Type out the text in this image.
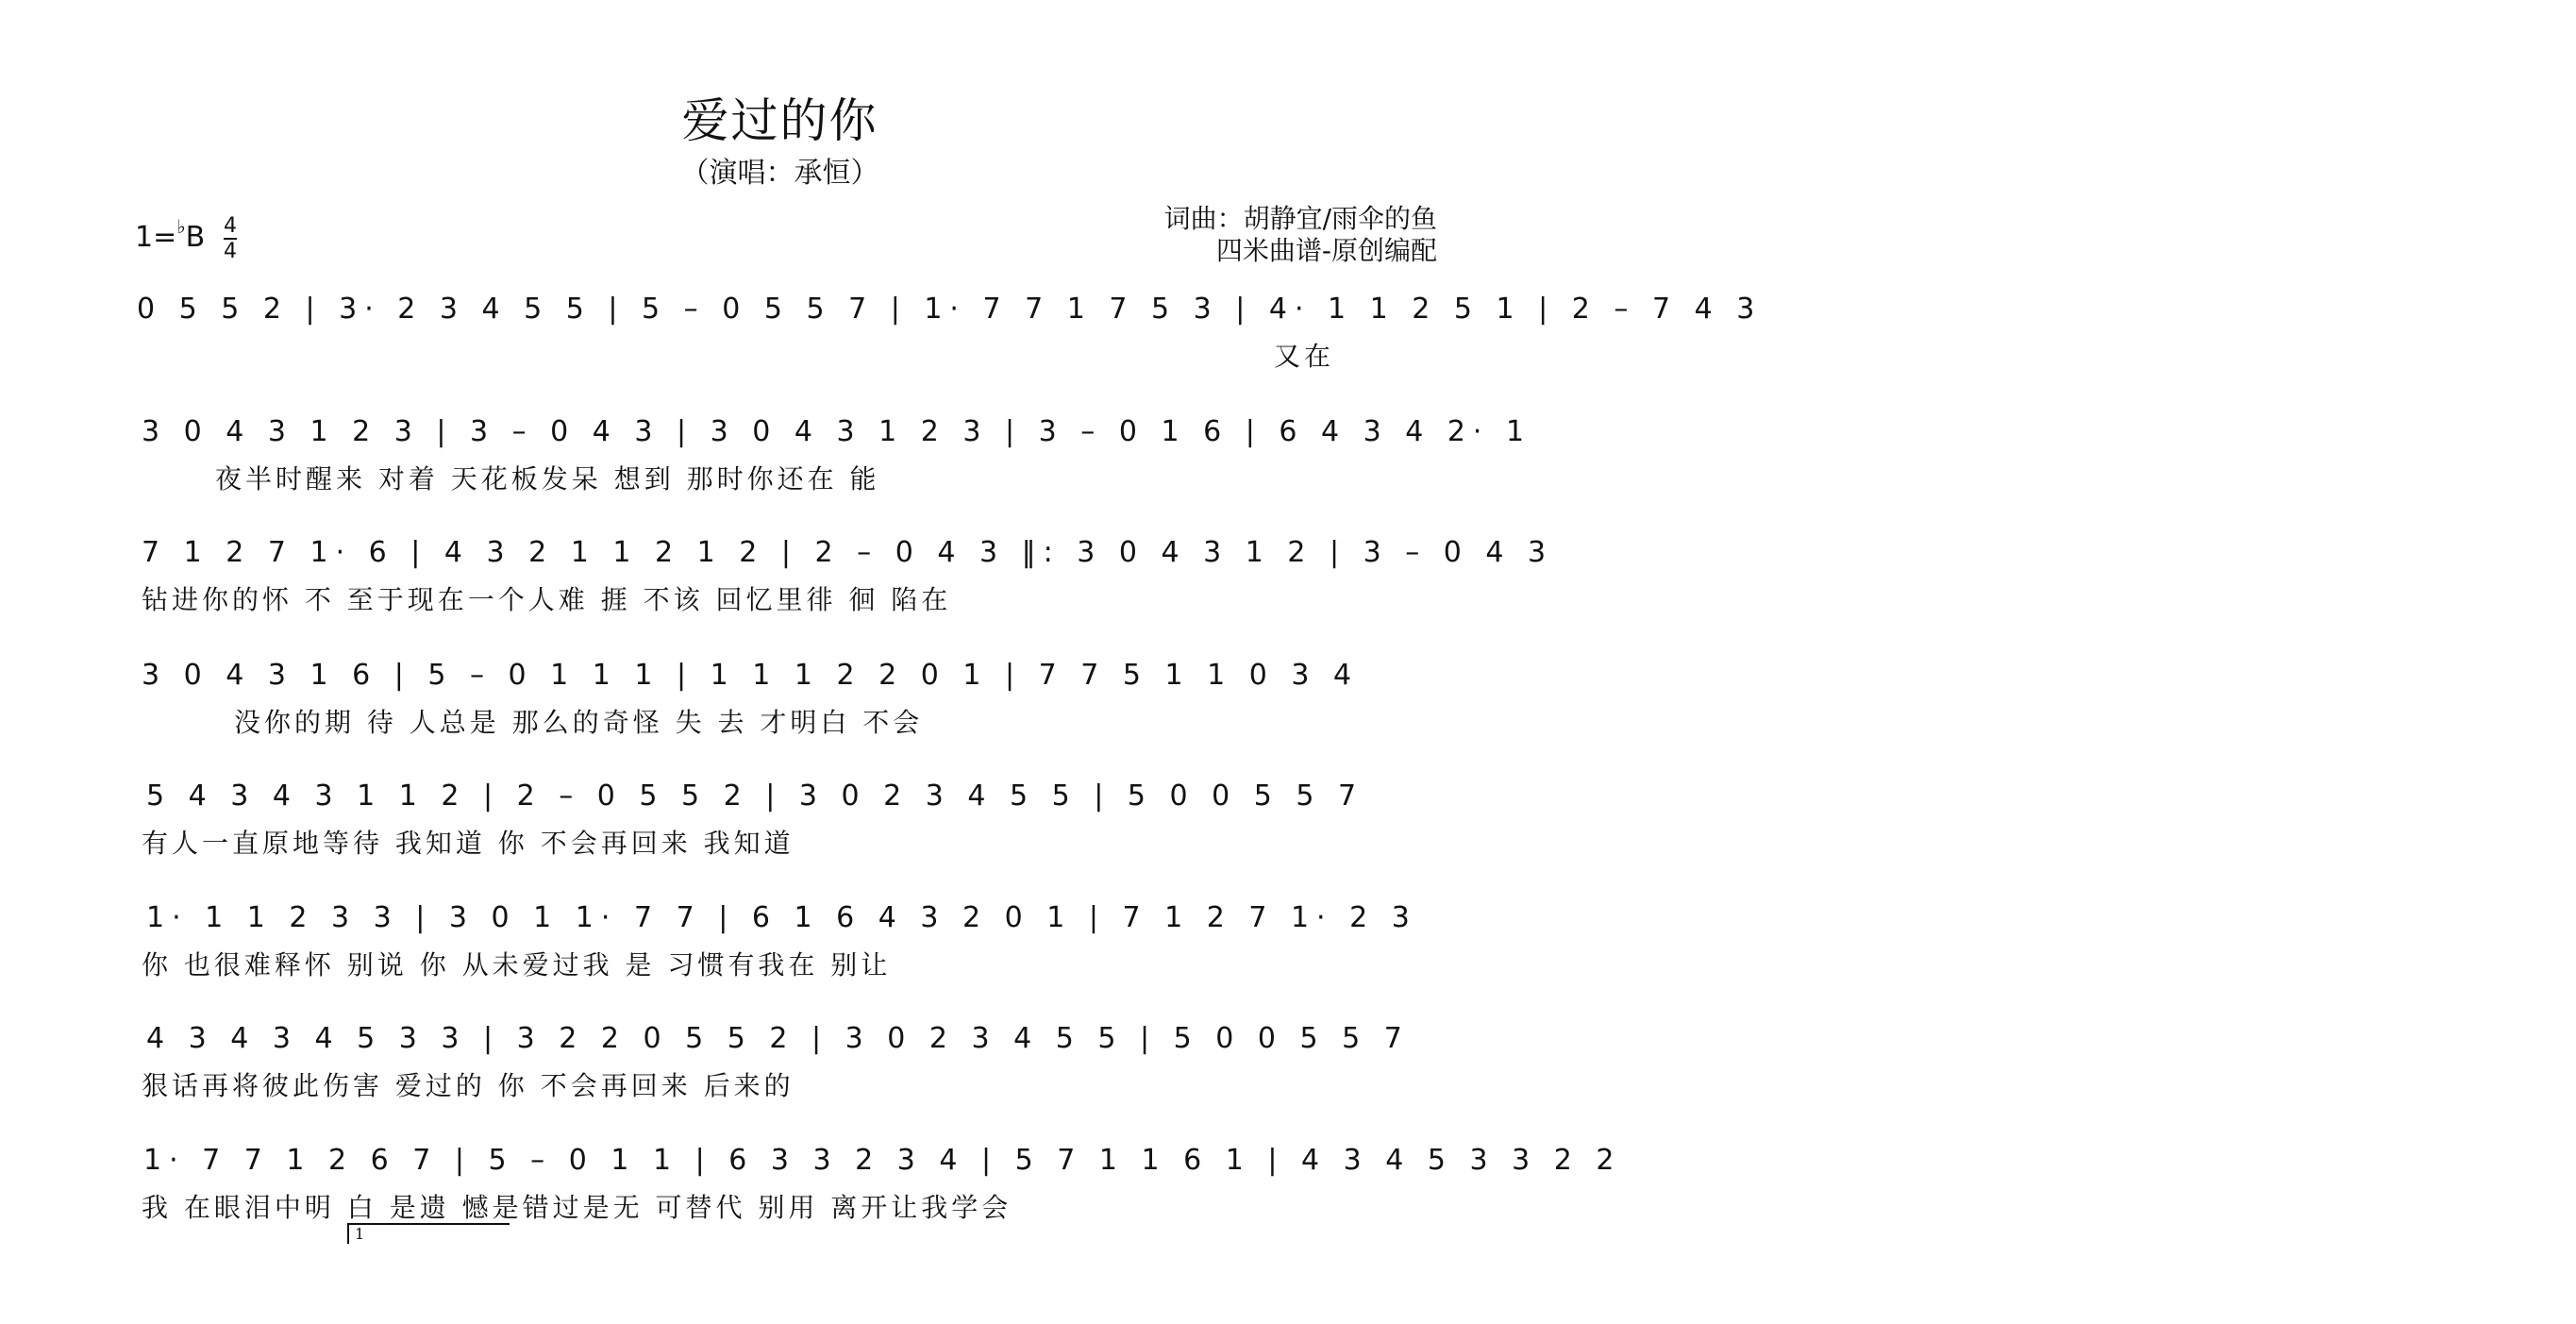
爱过的你
（演唱：承恒）
词曲：胡静宜/雨伞的鱼
四米曲谱-原创编配
1=♭B 4
4
0 5 5 2 | 3· 2 3 4 5 5 | 5 – 0 5 5 7 | 1· 7 7 1 7 5 3 | 4· 1 1 2 5 1 | 2 – 7 4 3
又在
3 0 4 3 1 2 3 | 3 – 0 4 3 | 3 0 4 3 1 2 3 | 3 – 0 1 6 | 6 4 3 4 2· 1
夜半时醒来 对着 天花板发呆 想到 那时你还在 能
7 1 2 7 1· 6 | 4 3 2 1 1 2 1 2 | 2 – 0 4 3 ‖: 3 0 4 3 1 2 | 3 – 0 4 3
钻进你的怀 不 至于现在一个人难 捱 不该 回忆里徘 徊 陷在
3 0 4 3 1 6 | 5 – 0 1 1 1 | 1 1 1 2 2 0 1 | 7 7 5 1 1 0 3 4
没你的期 待 人总是 那么的奇怪 失 去 才明白 不会
5 4 3 4 3 1 1 2 | 2 – 0 5 5 2 | 3 0 2 3 4 5 5 | 5 0 0 5 5 7
有人一直原地等待 我知道 你 不会再回来 我知道
1· 1 1 2 3 3 | 3 0 1 1· 7 7 | 6 1 6 4 3 2 0 1 | 7 1 2 7 1· 2 3
你 也很难释怀 别说 你 从未爱过我 是 习惯有我在 别让
4 3 4 3 4 5 3 3 | 3 2 2 0 5 5 2 | 3 0 2 3 4 5 5 | 5 0 0 5 5 7
狠话再将彼此伤害 爱过的 你 不会再回来 后来的
1· 7 7 1 2 6 7 | 5 – 0 1 1 | 6 3 3 2 3 4 | 5 7 1 1 6 1 | 4 3 4 5 3 3 2 2
我 在眼泪中明 白 是遗 憾是错过是无 可替代 别用 离开让我学会
1
